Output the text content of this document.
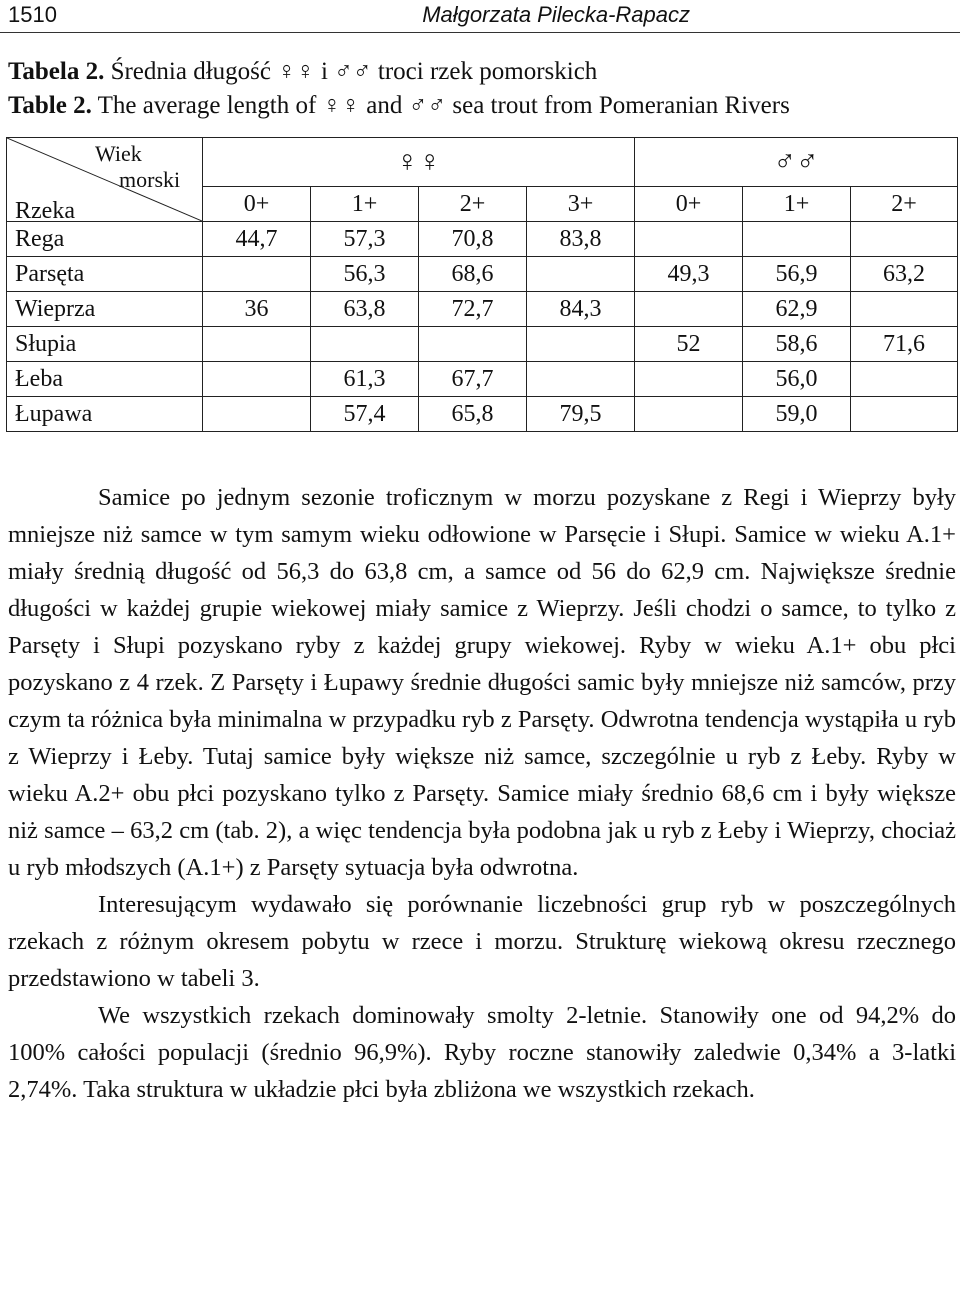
1510	Małgorzata Pilecka-Rapacz
Tabela 2. Średnia długość ♀♀ i ♂♂ troci rzek pomorskich
Table 2. The average length of ♀♀ and ♂♂ sea trout from Pomeranian Rivers
Wiek
morski
Rzeka	♀♀				♂♂		
	0+	1+	2+	3+	0+	1+	2+
Rega	44,7	57,3	70,8	83,8			
Parsęta		56,3	68,6		49,3	56,9	63,2
Wieprza	36	63,8	72,7	84,3		62,9	
Słupia					52	58,6	71,6
Łeba		61,3	67,7			56,0	
Łupawa		57,4	65,8	79,5		59,0	

Samice po jednym sezonie troficznym w morzu pozyskane z Regi i Wieprzy były mniejsze niż samce w tym samym wieku odłowione w Parsęcie i Słupi. Samice w wieku A.1+ miały średnią długość od 56,3 do 63,8 cm, a samce od 56 do 62,9 cm. Największe średnie długości w każdej grupie wiekowej miały samice z Wieprzy. Jeśli chodzi o samce, to tylko z Parsęty i Słupi pozyskano ryby z każdej grupy wiekowej. Ryby w wieku A.1+ obu płci pozyskano z 4 rzek. Z Parsęty i Łupawy średnie długości samic były mniejsze niż samców, przy czym ta różnica była minimalna w przypadku ryb z Parsęty. Odwrotna tendencja wystąpiła u ryb z Wieprzy i Łeby. Tutaj samice były większe niż samce, szczególnie u ryb z Łeby. Ryby w wieku A.2+ obu płci pozyskano tylko z Parsęty. Samice miały średnio 68,6 cm i były większe niż samce – 63,2 cm (tab. 2), a więc tendencja była podobna jak u ryb z Łeby i Wieprzy, chociaż u ryb młodszych (A.1+) z Parsęty sytuacja była odwrotna.

Interesującym wydawało się porównanie liczebności grup ryb w poszczególnych rzekach z różnym okresem pobytu w rzece i morzu. Strukturę wiekową okresu rzecznego przedstawiono w tabeli 3.

We wszystkich rzekach dominowały smolty 2-letnie. Stanowiły one od 94,2% do 100% całości populacji (średnio 96,9%). Ryby roczne stanowiły zaledwie 0,34% a 3-latki 2,74%. Taka struktura w układzie płci była zbliżona we wszystkich rzekach.
